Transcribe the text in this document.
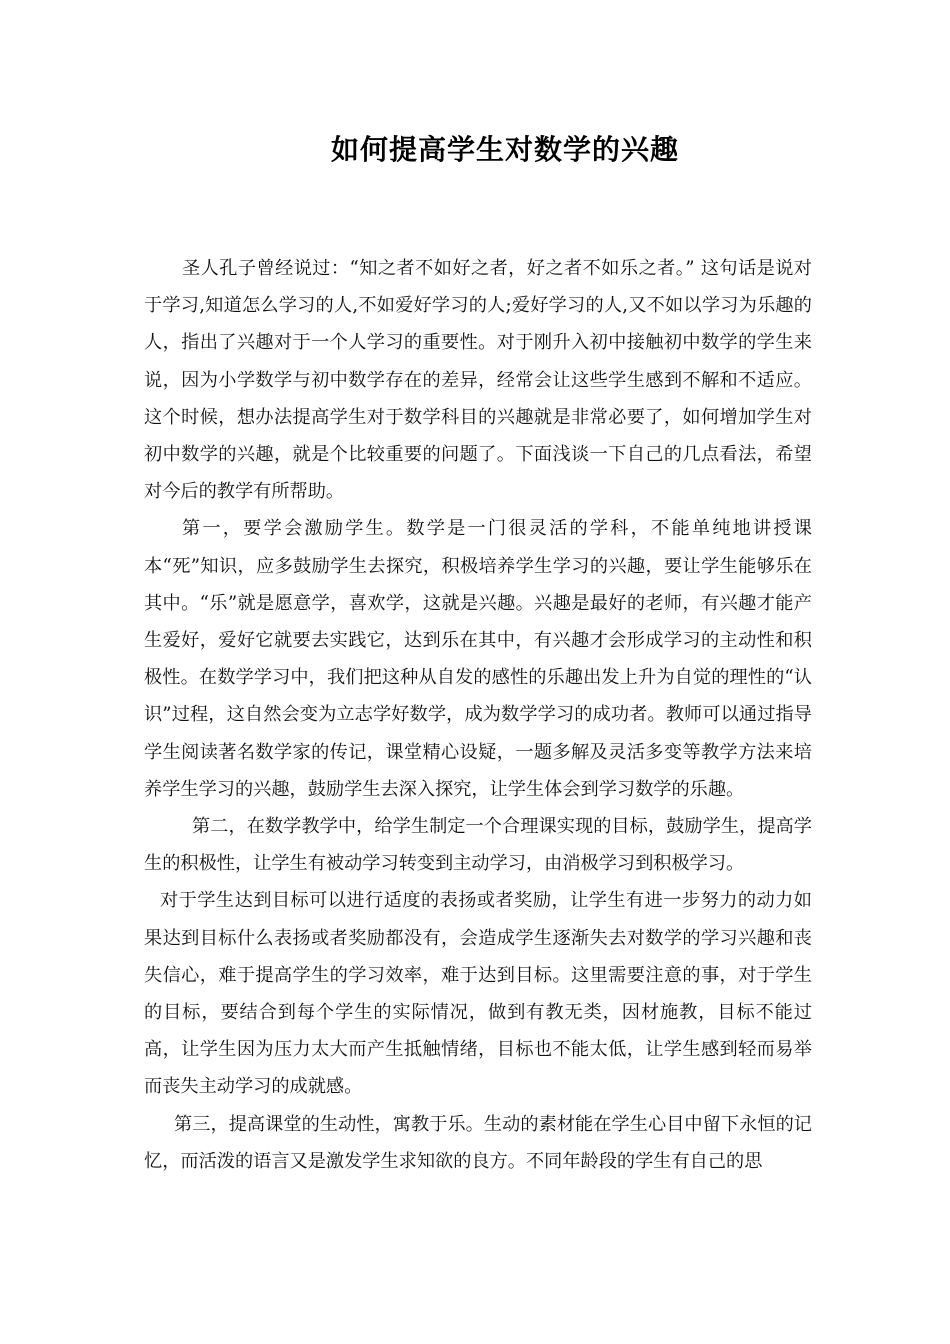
如何提高学生对数学的兴趣

圣人孔子曾经说过：“知之者不如好之者，好之者不如乐之者。” 这句话是说对于学习,知道怎么学习的人,不如爱好学习的人;爱好学习的人,又不如以学习为乐趣的人，指出了兴趣对于一个人学习的重要性。对于刚升入初中接触初中数学的学生来说，因为小学数学与初中数学存在的差异，经常会让这些学生感到不解和不适应。这个时候，想办法提高学生对于数学科目的兴趣就是非常必要了，如何增加学生对初中数学的兴趣，就是个比较重要的问题了。下面浅谈一下自己的几点看法，希望对今后的教学有所帮助。

第一，要学会激励学生。数学是一门很灵活的学科，不能单纯地讲授课本“死”知识，应多鼓励学生去探究，积极培养学生学习的兴趣，要让学生能够乐在其中。“乐”就是愿意学，喜欢学，这就是兴趣。兴趣是最好的老师，有兴趣才能产生爱好，爱好它就要去实践它，达到乐在其中，有兴趣才会形成学习的主动性和积极性。在数学学习中，我们把这种从自发的感性的乐趣出发上升为自觉的理性的“认识”过程，这自然会变为立志学好数学，成为数学学习的成功者。教师可以通过指导学生阅读著名数学家的传记，课堂精心设疑，一题多解及灵活多变等教学方法来培养学生学习的兴趣，鼓励学生去深入探究，让学生体会到学习数学的乐趣。

第二，在数学教学中，给学生制定一个合理课实现的目标，鼓励学生，提高学生的积极性，让学生有被动学习转变到主动学习，由消极学习到积极学习。

对于学生达到目标可以进行适度的表扬或者奖励，让学生有进一步努力的动力如果达到目标什么表扬或者奖励都没有，会造成学生逐渐失去对数学的学习兴趣和丧失信心，难于提高学生的学习效率，难于达到目标。这里需要注意的事，对于学生的目标，要结合到每个学生的实际情况，做到有教无类，因材施教，目标不能过高，让学生因为压力太大而产生抵触情绪，目标也不能太低，让学生感到轻而易举而丧失主动学习的成就感。

第三，提高课堂的生动性，寓教于乐。生动的素材能在学生心目中留下永恒的记忆，而活泼的语言又是激发学生求知欲的良方。不同年龄段的学生有自己的思
